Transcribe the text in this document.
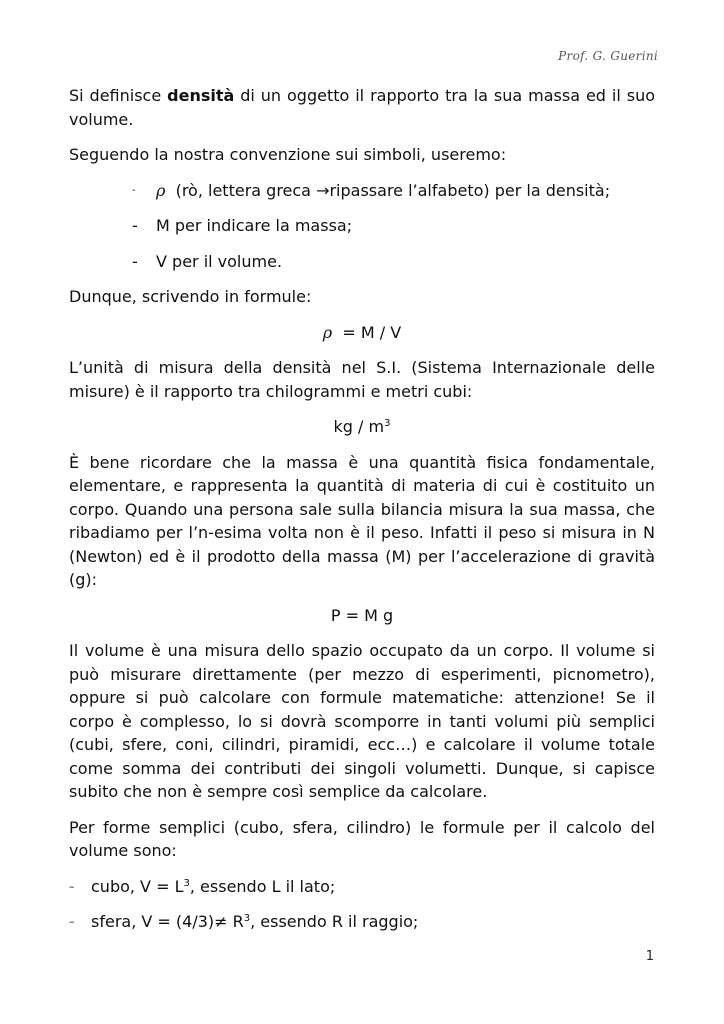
Prof. G. Guerini

Si definisce densità di un oggetto il rapporto tra la sua massa ed il suo volume.

Seguendo la nostra convenzione sui simboli, useremo:

-	ρ  (rò, lettera greca →ripassare l’alfabeto) per la densità;
-	M per indicare la massa;
-	V per il volume.

Dunque, scrivendo in formule:

ρ  = M / V

L’unità di misura della densità nel S.I. (Sistema Internazionale delle misure) è il rapporto tra chilogrammi e metri cubi:

kg / $m^3$

È bene ricordare che la massa è una quantità fisica fondamentale, elementare, e rappresenta la quantità di materia di cui è costituito un corpo. Quando una persona sale sulla bilancia misura la sua massa, che ribadiamo per l’n-esima volta non è il peso. Infatti il peso si misura in N (Newton) ed è il prodotto della massa (M) per l’accelerazione di gravità (g):

P = M g

Il volume è una misura dello spazio occupato da un corpo. Il volume si può misurare direttamente (per mezzo di esperimenti, picnometro), oppure si può calcolare con formule matematiche: attenzione! Se il corpo è complesso, lo si dovrà scomporre in tanti volumi più semplici (cubi, sfere, coni, cilindri, piramidi, ecc…) e calcolare il volume totale come somma dei contributi dei singoli volumetti. Dunque, si capisce subito che non è sempre così semplice da calcolare.

Per forme semplici (cubo, sfera, cilindro) le formule per il calcolo del volume sono:

–	cubo, $V = L^3$, essendo L il lato;
–	sfera, $V = (4/3)\ne R^3$, essendo R il raggio;
1
